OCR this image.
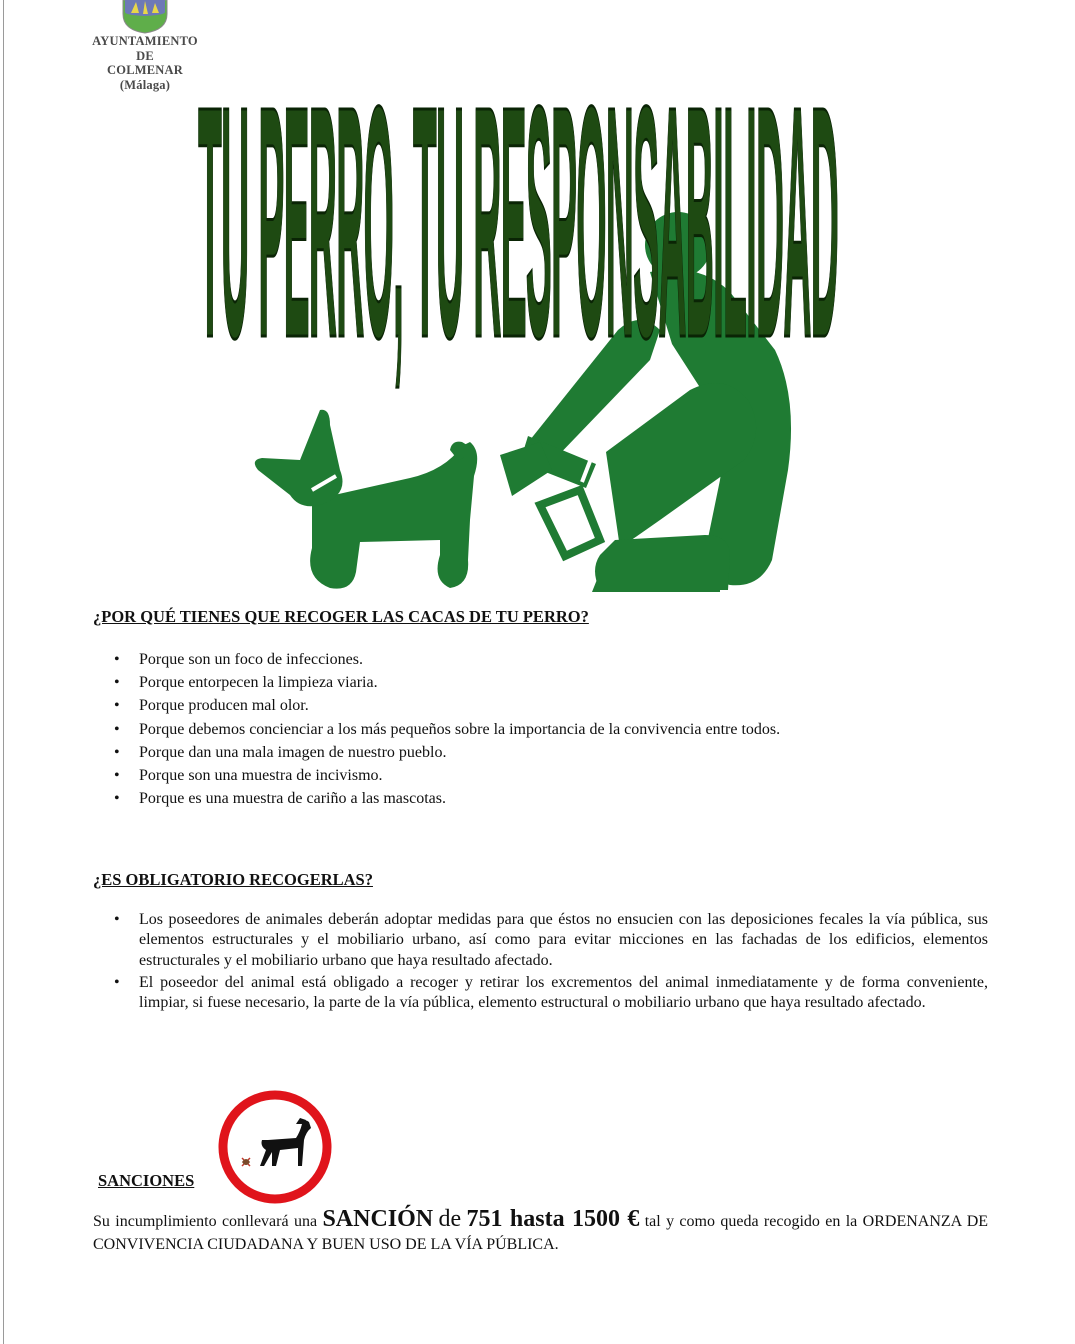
AYUNTAMIENTO
DE
COLMENAR
(Málaga) TU PERRO, TU RESPONSABILIDAD
¿POR QUÉ TIENES QUE RECOGER LAS CACAS DE TU PERRO?
• Porque son un foco de infecciones.
• Porque entorpecen la limpieza viaria.
• Porque producen mal olor.
• Porque debemos concienciar a los más pequeños sobre la importancia de la convivencia entre todos.
• Porque dan una mala imagen de nuestro pueblo.
• Porque son una muestra de incivismo.
• Porque es una muestra de cariño a las mascotas.
¿ES OBLIGATORIO RECOGERLAS?
• Los poseedores de animales deberán adoptar medidas para que éstos no ensucien con las deposiciones fecales la vía pública, sus elementos estructurales y el mobiliario urbano, así como para evitar micciones en las fachadas de los edificios, elementos estructurales y el mobiliario urbano que haya resultado afectado.
• El poseedor del animal está obligado a recoger y retirar los excrementos del animal inmediatamente y de forma conveniente, limpiar, si fuese necesario, la parte de la vía pública, elemento estructural o mobiliario urbano que haya resultado afectado.
SANCIONES
Su incumplimiento conllevará una SANCIÓN de 751 hasta 1500 € tal y como queda recogido en la ORDENANZA DE CONVIVENCIA CIUDADANA Y BUEN USO DE LA VÍA PÚBLICA.
